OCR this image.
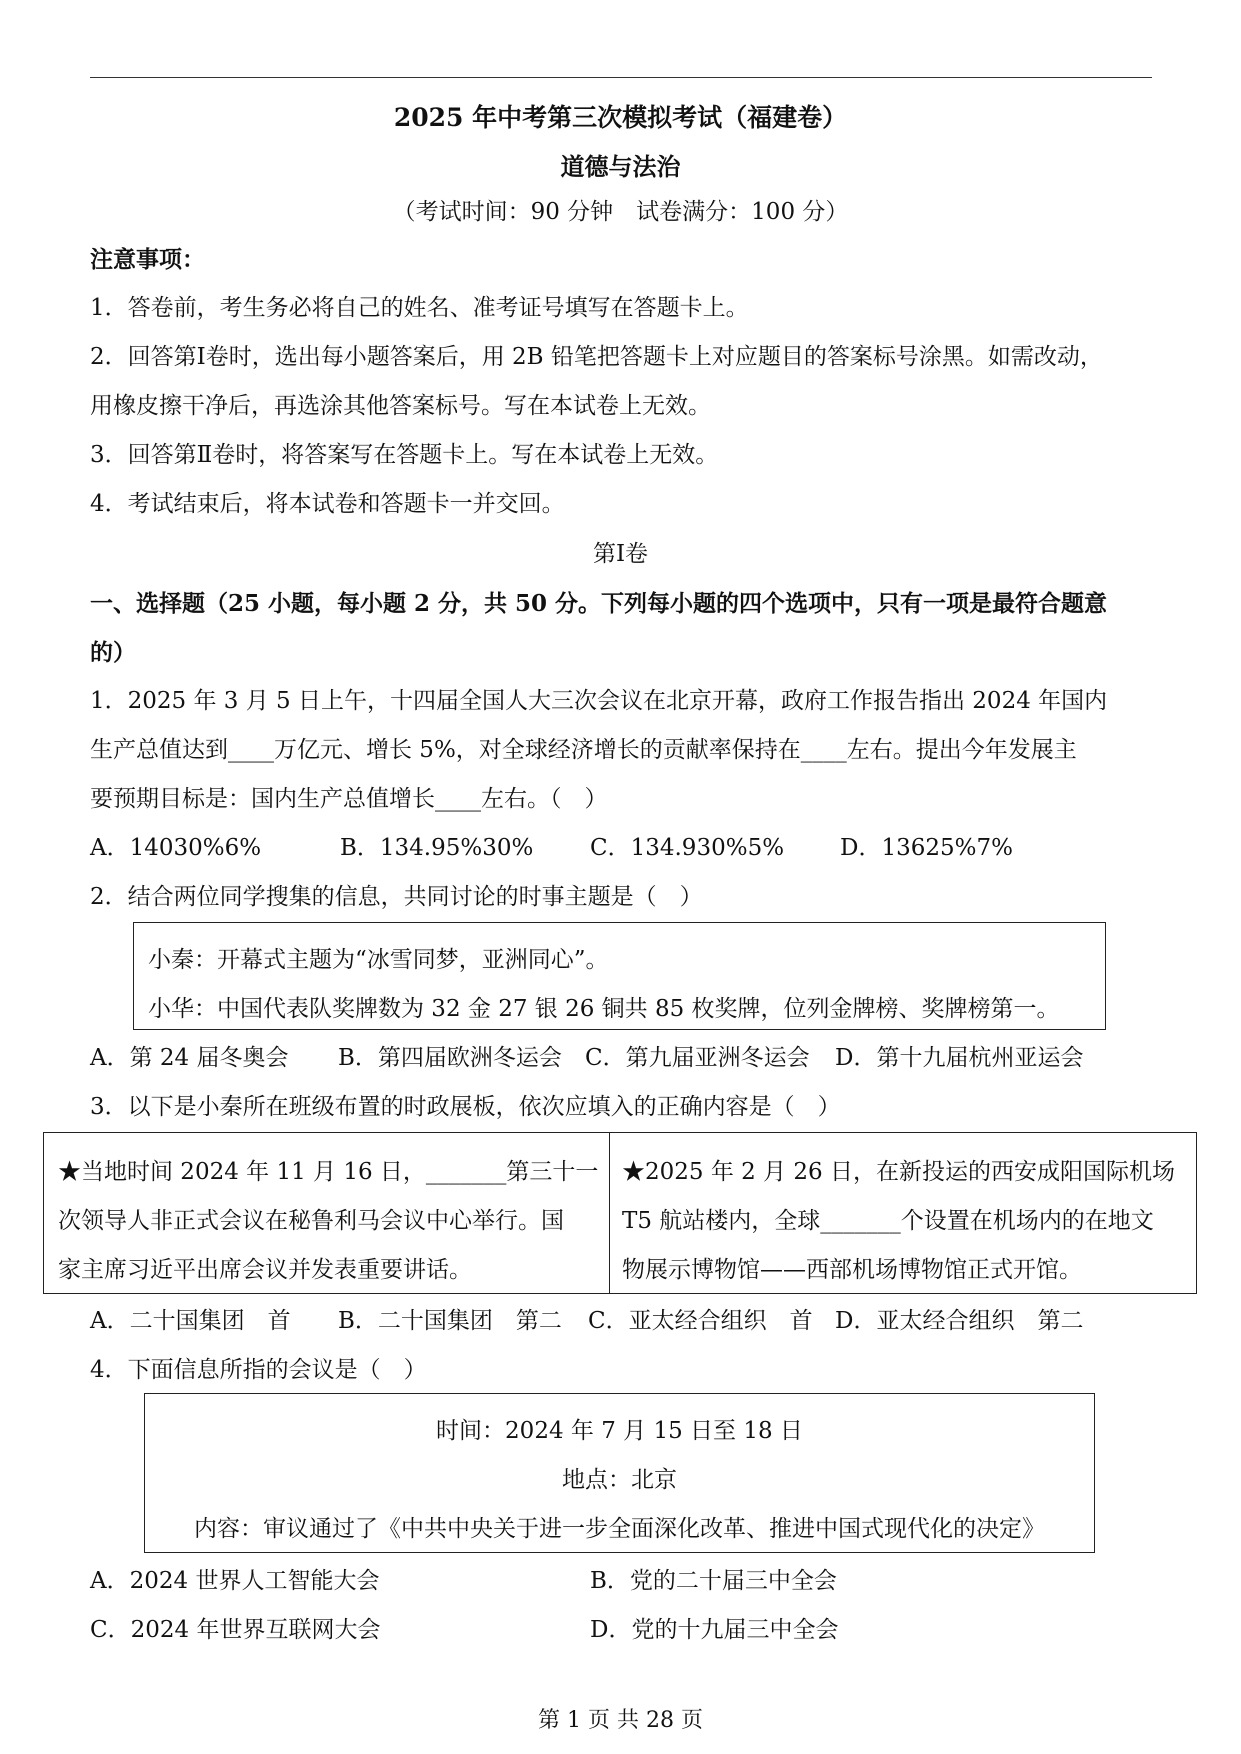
2025 年中考第三次模拟考试（福建卷）
道德与法治
（考试时间：90 分钟　试卷满分：100 分）
注意事项：
1．答卷前，考生务必将自己的姓名、准考证号填写在答题卡上。
2．回答第Ⅰ卷时，选出每小题答案后，用 2B 铅笔把答题卡上对应题目的答案标号涂黑。如需改动，
用橡皮擦干净后，再选涂其他答案标号。写在本试卷上无效。
3．回答第Ⅱ卷时，将答案写在答题卡上。写在本试卷上无效。
4．考试结束后，将本试卷和答题卡一并交回。
第Ⅰ卷
一、选择题（25 小题，每小题 2 分，共 50 分。下列每小题的四个选项中，只有一项是最符合题意
的）
1．2025 年 3 月 5 日上午，十四届全国人大三次会议在北京开幕，政府工作报告指出 2024 年国内
生产总值达到____万亿元、增长 5%，对全球经济增长的贡献率保持在____左右。提出今年发展主
要预期目标是：国内生产总值增长____左右。（　）
A．14030%6%	B．134.95%30% C．134.930%5% D．13625%7%
2．结合两位同学搜集的信息，共同讨论的时事主题是（　）
小秦：开幕式主题为“冰雪同梦，亚洲同心”。
小华：中国代表队奖牌数为 32 金 27 银 26 铜共 85 枚奖牌，位列金牌榜、奖牌榜第一。
A．第 24 届冬奥会 B．第四届欧洲冬运会 C．第九届亚洲冬运会 D．第十九届杭州亚运会
3．以下是小秦所在班级布置的时政展板，依次应填入的正确内容是（　）
★当地时间 2024 年 11 月 16 日，_______第三十一
次领导人非正式会议在秘鲁利马会议中心举行。国
家主席习近平出席会议并发表重要讲话。
★2025 年 2 月 26 日，在新投运的西安成阳国际机场
T5 航站楼内，全球_______个设置在机场内的在地文
物展示博物馆——西部机场博物馆正式开馆。
A．二十国集团　首 B．二十国集团　第二 C．亚太经合组织　首 D．亚太经合组织　第二
4．下面信息所指的会议是（　）
时间：2024 年 7 月 15 日至 18 日
地点：北京
内容：审议通过了《中共中央关于进一步全面深化改革、推进中国式现代化的决定》
A．2024 世界人工智能大会	B．党的二十届三中全会
C．2024 年世界互联网大会	D．党的十九届三中全会
第 1 页 共 28 页
